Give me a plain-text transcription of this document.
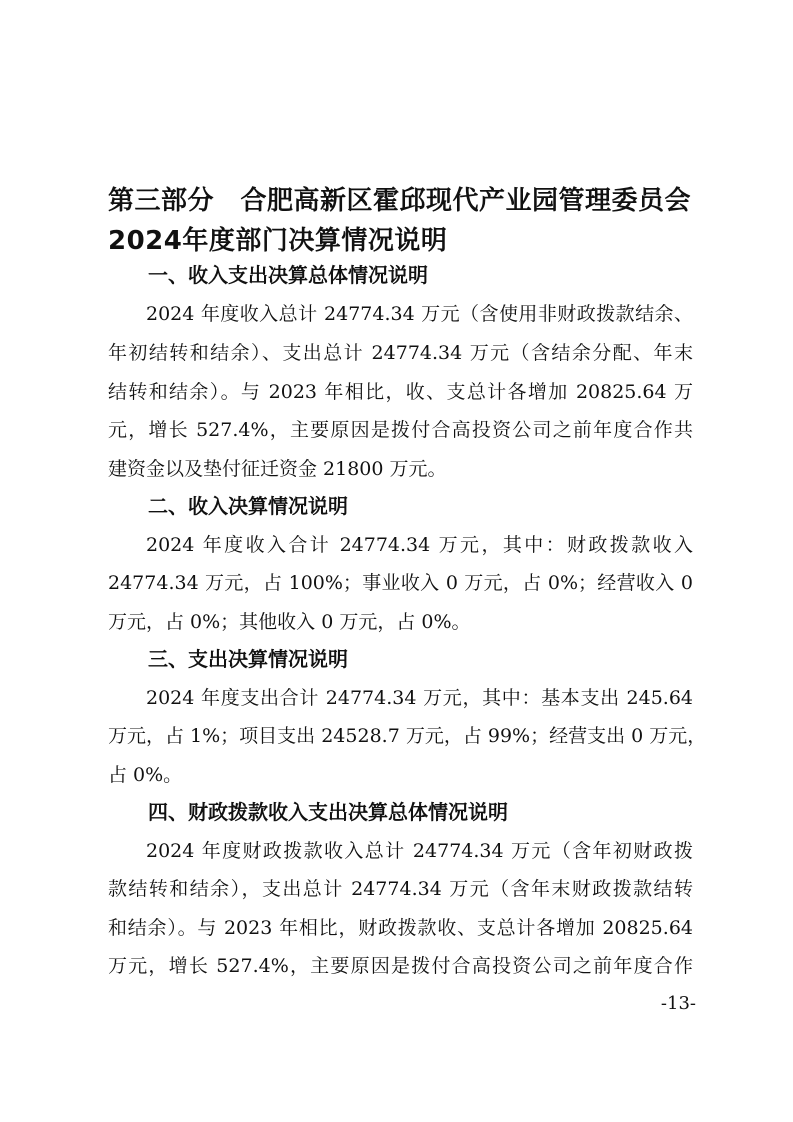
第三部分　合肥高新区霍邱现代产业园管理委员会2024年度部门决算情况说明
一、收入支出决算总体情况说明
2024 年度收入总计 24774.34 万元（含使用非财政拨款结余、
年初结转和结余）、支出总计 24774.34 万元（含结余分配、年末
结转和结余）。与 2023 年相比，收、支总计各增加 20825.64 万
元，增长 527.4%，主要原因是拨付合高投资公司之前年度合作共
建资金以及垫付征迁资金 21800 万元。
二、收入决算情况说明
2024 年度收入合计 24774.34 万元，其中：财政拨款收入
24774.34 万元，占 100%；事业收入 0 万元，占 0%；经营收入 0
万元，占 0%；其他收入 0 万元，占 0%。
三、支出决算情况说明
2024 年度支出合计 24774.34 万元，其中：基本支出 245.64
万元，占 1%；项目支出 24528.7 万元，占 99%；经营支出 0 万元，
占 0%。
四、财政拨款收入支出决算总体情况说明
2024 年度财政拨款收入总计 24774.34 万元（含年初财政拨
款结转和结余），支出总计 24774.34 万元（含年末财政拨款结转
和结余）。与 2023 年相比，财政拨款收、支总计各增加 20825.64
万元，增长 527.4%，主要原因是拨付合高投资公司之前年度合作
-13-
